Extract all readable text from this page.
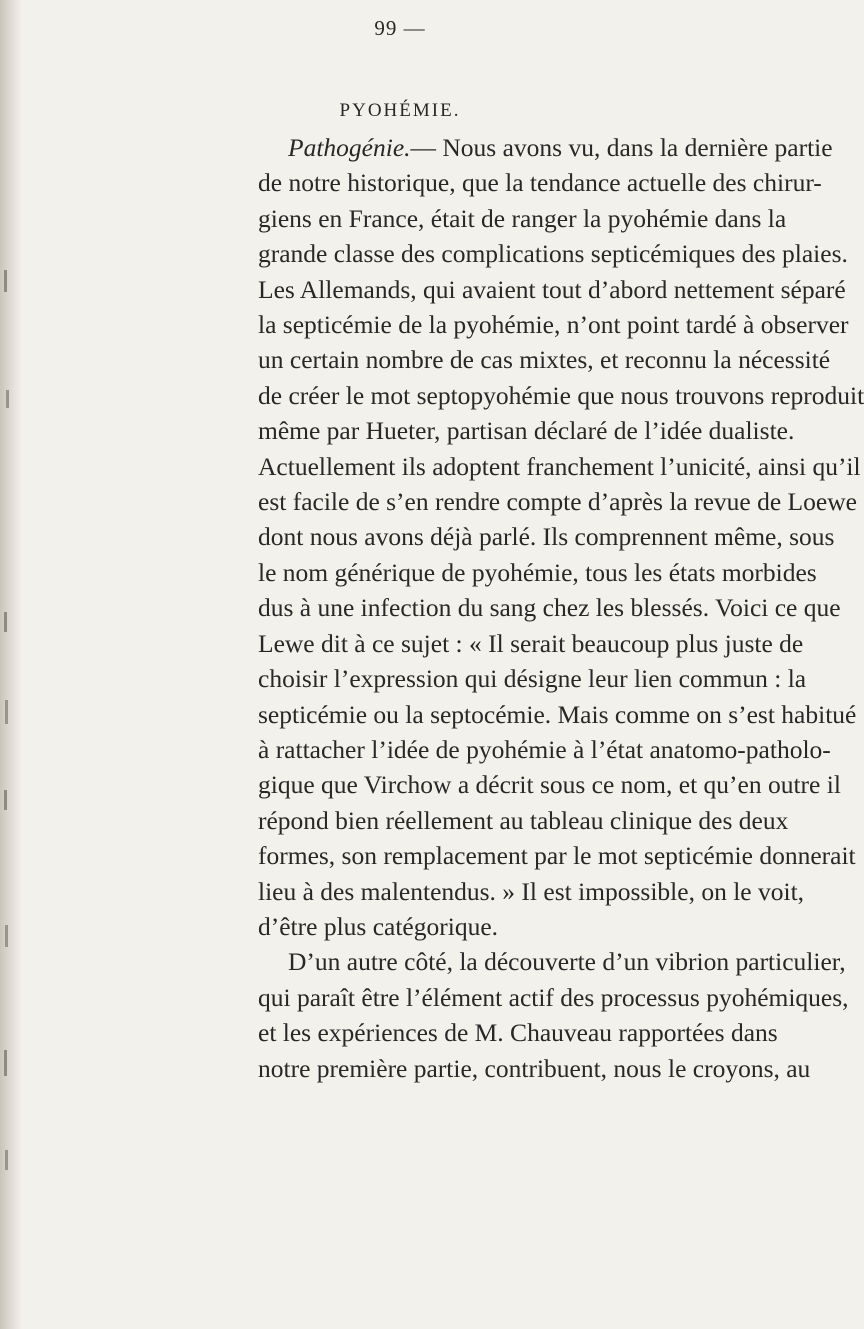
99 —
PYOHÉMIE.
Pathogénie.— Nous avons vu, dans la dernière partie
de notre historique, que la tendance actuelle des chirur-
giens en France, était de ranger la pyohémie dans la
grande classe des complications septicémiques des plaies.
Les Allemands, qui avaient tout d’abord nettement séparé
la septicémie de la pyohémie, n’ont point tardé à observer
un certain nombre de cas mixtes, et reconnu la nécessité
de créer le mot septopyohémie que nous trouvons reproduit
même par Hueter, partisan déclaré de l’idée dualiste.
Actuellement ils adoptent franchement l’unicité, ainsi qu’il
est facile de s’en rendre compte d’après la revue de Loewe
dont nous avons déjà parlé. Ils comprennent même, sous
le nom générique de pyohémie, tous les états morbides
dus à une infection du sang chez les blessés. Voici ce que
Lewe dit à ce sujet : « Il serait beaucoup plus juste de
choisir l’expression qui désigne leur lien commun : la
septicémie ou la septocémie. Mais comme on s’est habitué
à rattacher l’idée de pyohémie à l’état anatomo-patholo-
gique que Virchow a décrit sous ce nom, et qu’en outre il
répond bien réellement au tableau clinique des deux
formes, son remplacement par le mot septicémie donnerait
lieu à des malentendus. » Il est impossible, on le voit,
d’être plus catégorique.
D’un autre côté, la découverte d’un vibrion particulier,
qui paraît être l’élément actif des processus pyohémiques,
et les expériences de M. Chauveau rapportées dans
notre première partie, contribuent, nous le croyons, au
